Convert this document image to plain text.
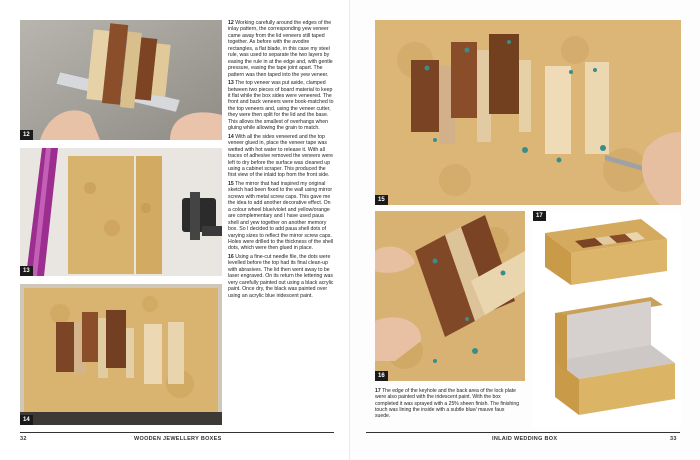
12
13
14

12 Working carefully around the edges of the inlay pattern, the corresponding yew veneer came away from the lid veneers still taped together. As before with the avodire rectangles, a flat blade, in this case my steel rule, was used to separate the two layers by easing the rule in at the edge and, with gentle pressure, easing the tape joint apart. The pattern was then taped into the yew veneer.

13 The top veneer was put aside, clamped between two pieces of board material to keep it flat while the box sides were veneered. The front and back veneers were book-matched to the top veneers and, using the veneer cutter, they were then split for the lid and the base. This allows the smallest of overhangs when gluing while allowing the grain to match.

14 With all the sides veneered and the top veneer glued in, place the veneer tape was wetted with hot water to release it. With all traces of adhesive removed the veneers were left to dry before the surface was cleaned up using a cabinet scraper. This produced the first view of the inlaid top from the front side.

15 The mirror that had inspired my original sketch had been fixed to the wall using mirror screws with metal screw caps. This gave me the idea to add another decorative effect. On a colour wheel blue/violet and yellow/orange are complementary and I have used paua shell and yew together on another memory box. So I decided to add paua shell dots of varying sizes to reflect the mirror screw caps. Holes were drilled to the thickness of the shell dots, which were then glued in place.

16 Using a fine-cut needle file, the dots were levelled before the top had its final clean-up with abrasives. The lid then went away to be laser engraved. On its return the lettering was very carefully painted out using a black acrylic paint. Once dry, the black was painted over using an acrylic blue iridescent paint.

32	WOODEN JEWELLERY BOXES
15
16
17

17 The edge of the keyhole and the back area of the lock plate were also painted with the iridescent paint. With the box completed it was sprayed with a 25% sheen finish. The finishing touch was lining the inside with a subtle blue/ mauve faux suede.

INLAID WEDDING BOX	33
